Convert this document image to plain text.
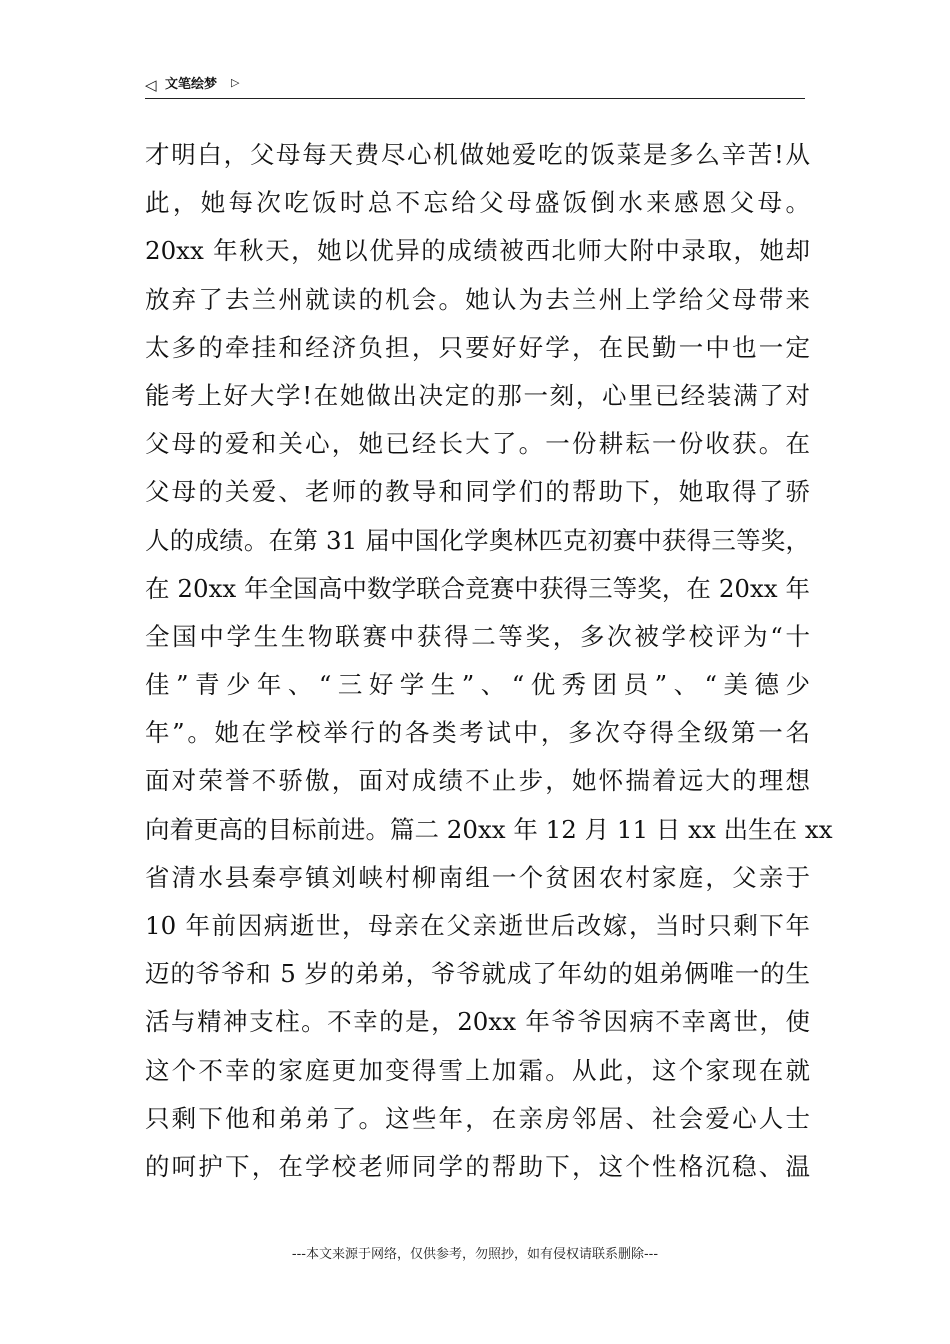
◁ 文笔绘梦 ▷
才明白，父母每天费尽心机做她爱吃的饭菜是多么辛苦!从
此，她每次吃饭时总不忘给父母盛饭倒水来感恩父母。
20xx 年秋天，她以优异的成绩被西北师大附中录取，她却
放弃了去兰州就读的机会。她认为去兰州上学给父母带来
太多的牵挂和经济负担，只要好好学，在民勤一中也一定
能考上好大学!在她做出决定的那一刻，心里已经装满了对
父母的爱和关心，她已经长大了。一份耕耘一份收获。在
父母的关爱、老师的教导和同学们的帮助下，她取得了骄
人的成绩。在第 31 届中国化学奥林匹克初赛中获得三等奖，
在 20xx 年全国高中数学联合竞赛中获得三等奖，在 20xx 年
全国中学生生物联赛中获得二等奖，多次被学校评为“十
佳”青少年、“三好学生”、“优秀团员”、“美德少
年”。她在学校举行的各类考试中，多次夺得全级第一名
面对荣誉不骄傲，面对成绩不止步，她怀揣着远大的理想
向着更高的目标前进。篇二 20xx 年 12 月 11 日 xx 出生在 xx
省清水县秦亭镇刘峡村柳南组一个贫困农村家庭，父亲于
10 年前因病逝世，母亲在父亲逝世后改嫁，当时只剩下年
迈的爷爷和 5 岁的弟弟，爷爷就成了年幼的姐弟俩唯一的生
活与精神支柱。不幸的是，20xx 年爷爷因病不幸离世，使
这个不幸的家庭更加变得雪上加霜。从此，这个家现在就
只剩下他和弟弟了。这些年，在亲房邻居、社会爱心人士
的呵护下，在学校老师同学的帮助下，这个性格沉稳、温
---本文来源于网络，仅供参考，勿照抄，如有侵权请联系删除---
